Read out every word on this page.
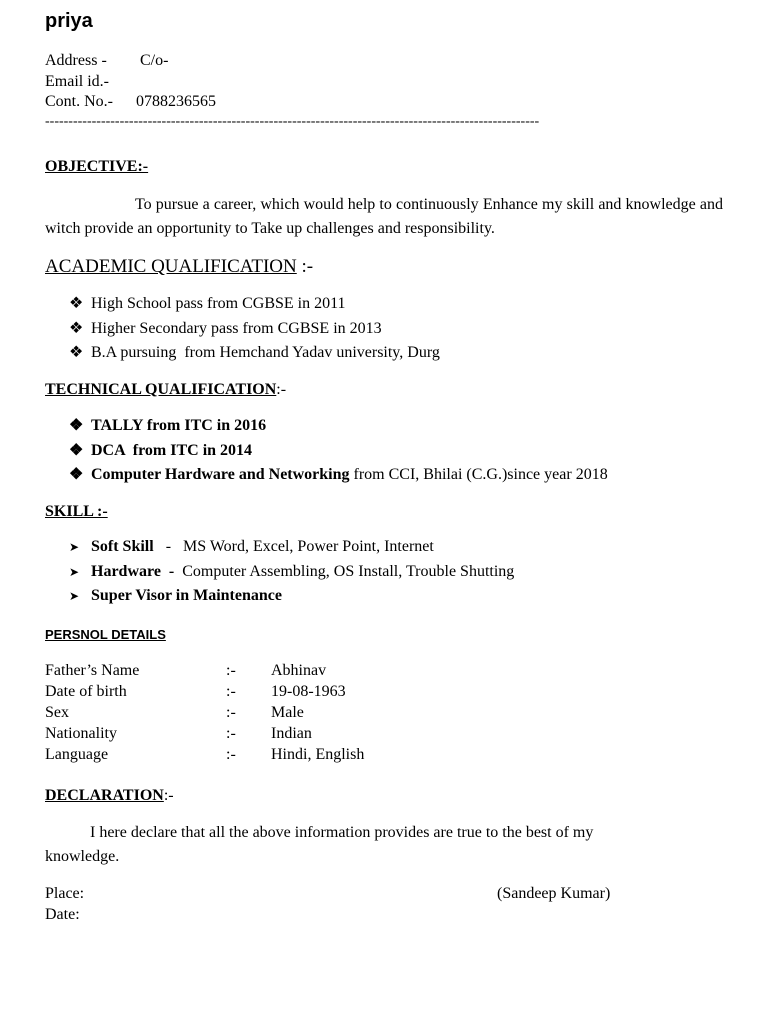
priya
Address - C/o-
Email id.-
Cont. No.- 0788236565
----------------------------------------------------------------------------------------------------------
OBJECTIVE:-
To pursue a career, which would help to continuously Enhance my skill and knowledge and witch provide an opportunity to Take up challenges and responsibility.
ACADEMIC QUALIFICATION :-
❖ High School pass from CGBSE in 2011
❖ Higher Secondary pass from CGBSE in 2013
❖ B.A pursuing  from Hemchand Yadav university, Durg
TECHNICAL QUALIFICATION:-
❖ TALLY from ITC in 2016
❖ DCA  from ITC in 2014
❖ Computer Hardware and Networking from CCI, Bhilai (C.G.)since year 2018
SKILL :-
➤ Soft Skill   -   MS Word, Excel, Power Point, Internet
➤ Hardware  - Computer Assembling, OS Install, Trouble Shutting
➤ Super Visor in Maintenance
PERSNOL DETAILS
Father’s Name	:- Abhinav
Date of birth	:- 19-08-1963
Sex	:- Male
Nationality	:- Indian
Language	:- Hindi, English
DECLARATION:-
I here declare that all the above information provides are true to the best of my knowledge.
Place:
Date:
(Sandeep Kumar)
